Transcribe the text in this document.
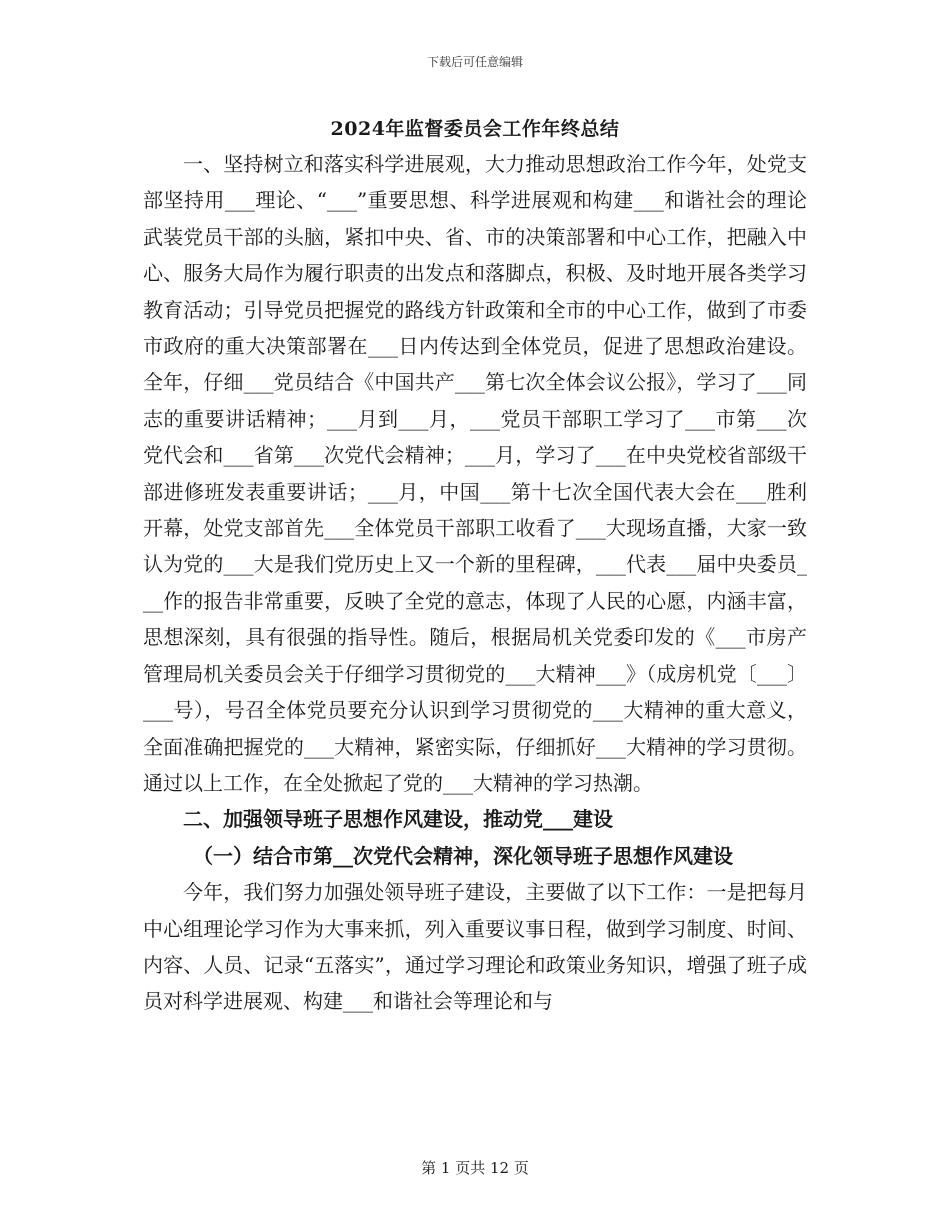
下载后可任意编辑
2024年监督委员会工作年终总结

一、坚持树立和落实科学进展观，大力推动思想政治工作今年，处党支部坚持用___理论、“___”重要思想、科学进展观和构建___和谐社会的理论武装党员干部的头脑，紧扣中央、省、市的决策部署和中心工作，把融入中心、服务大局作为履行职责的出发点和落脚点，积极、及时地开展各类学习教育活动；引导党员把握党的路线方针政策和全市的中心工作，做到了市委市政府的重大决策部署在___日内传达到全体党员，促进了思想政治建设。全年，仔细___党员结合《中国共产___第七次全体会议公报》，学习了___同志的重要讲话精神；___月到___月，___党员干部职工学习了___市第___次党代会和___省第___次党代会精神；___月，学习了___在中央党校省部级干部进修班发表重要讲话；___月，中国___第十七次全国代表大会在___胜利开幕，处党支部首先___全体党员干部职工收看了___大现场直播，大家一致认为党的___大是我们党历史上又一个新的里程碑，___代表___届中央委员___作的报告非常重要，反映了全党的意志，体现了人民的心愿，内涵丰富，思想深刻，具有很强的指导性。随后，根据局机关党委印发的《___市房产管理局机关委员会关于仔细学习贯彻党的___大精神___》（成房机党〔___〕___号），号召全体党员要充分认识到学习贯彻党的___大精神的重大意义，全面准确把握党的___大精神，紧密实际，仔细抓好___大精神的学习贯彻。通过以上工作，在全处掀起了党的___大精神的学习热潮。

二、加强领导班子思想作风建设，推动党___建设

（一）结合市第__次党代会精神，深化领导班子思想作风建设

今年，我们努力加强处领导班子建设，主要做了以下工作：一是把每月中心组理论学习作为大事来抓，列入重要议事日程，做到学习制度、时间、内容、人员、记录“五落实”，通过学习理论和政策业务知识，增强了班子成员对科学进展观、构建___和谐社会等理论和与

第 1 页共 12 页
